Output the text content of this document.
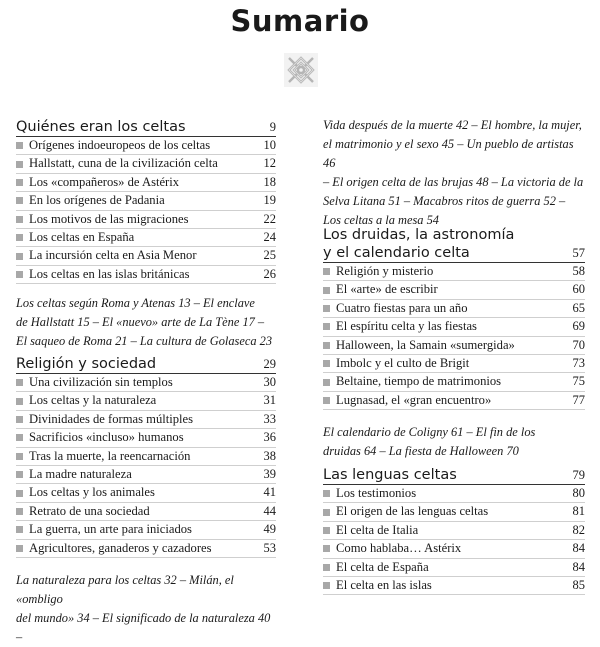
Sumario
Quiénes eran los celtas	9
Orígenes indoeuropeos de los celtas	10
Hallstatt, cuna de la civilización celta	12
Los «compañeros» de Astérix	18
En los orígenes de Padania	19
Los motivos de las migraciones	22
Los celtas en España	24
La incursión celta en Asia Menor	25
Los celtas en las islas británicas	26

Los celtas según Roma y Atenas 13 – El enclave
de Hallstatt 15 – El «nuevo» arte de La Tène 17 –
El saqueo de Roma 21 – La cultura de Golaseca 23

Religión y sociedad	29
Una civilización sin templos	30
Los celtas y la naturaleza	31
Divinidades de formas múltiples	33
Sacrificios «incluso» humanos	36
Tras la muerte, la reencarnación	38
La madre naturaleza	39
Los celtas y los animales	41
Retrato de una sociedad	44
La guerra, un arte para iniciados	49
Agricultores, ganaderos y cazadores	53

La naturaleza para los celtas 32 – Milán, el «ombligo
del mundo» 34 – El significado de la naturaleza 40 –

Vida después de la muerte 42 – El hombre, la mujer,
el matrimonio y el sexo 45 – Un pueblo de artistas 46
– El origen celta de las brujas 48 – La victoria de la
Selva Litana 51 – Macabros ritos de guerra 52 –
Los celtas a la mesa 54

Los druidas, la astronomía
y el calendario celta	57
Religión y misterio	58
El «arte» de escribir	60
Cuatro fiestas para un año	65
El espíritu celta y las fiestas	69
Halloween, la Samain «sumergida»	70
Imbolc y el culto de Brigit	73
Beltaine, tiempo de matrimonios	75
Lugnasad, el «gran encuentro»	77

El calendario de Coligny 61 – El fin de los
druidas 64 – La fiesta de Halloween 70

Las lenguas celtas	79
Los testimonios	80
El origen de las lenguas celtas	81
El celta de Italia	82
Como hablaba… Astérix	84
El celta de España	84
El celta en las islas	85
